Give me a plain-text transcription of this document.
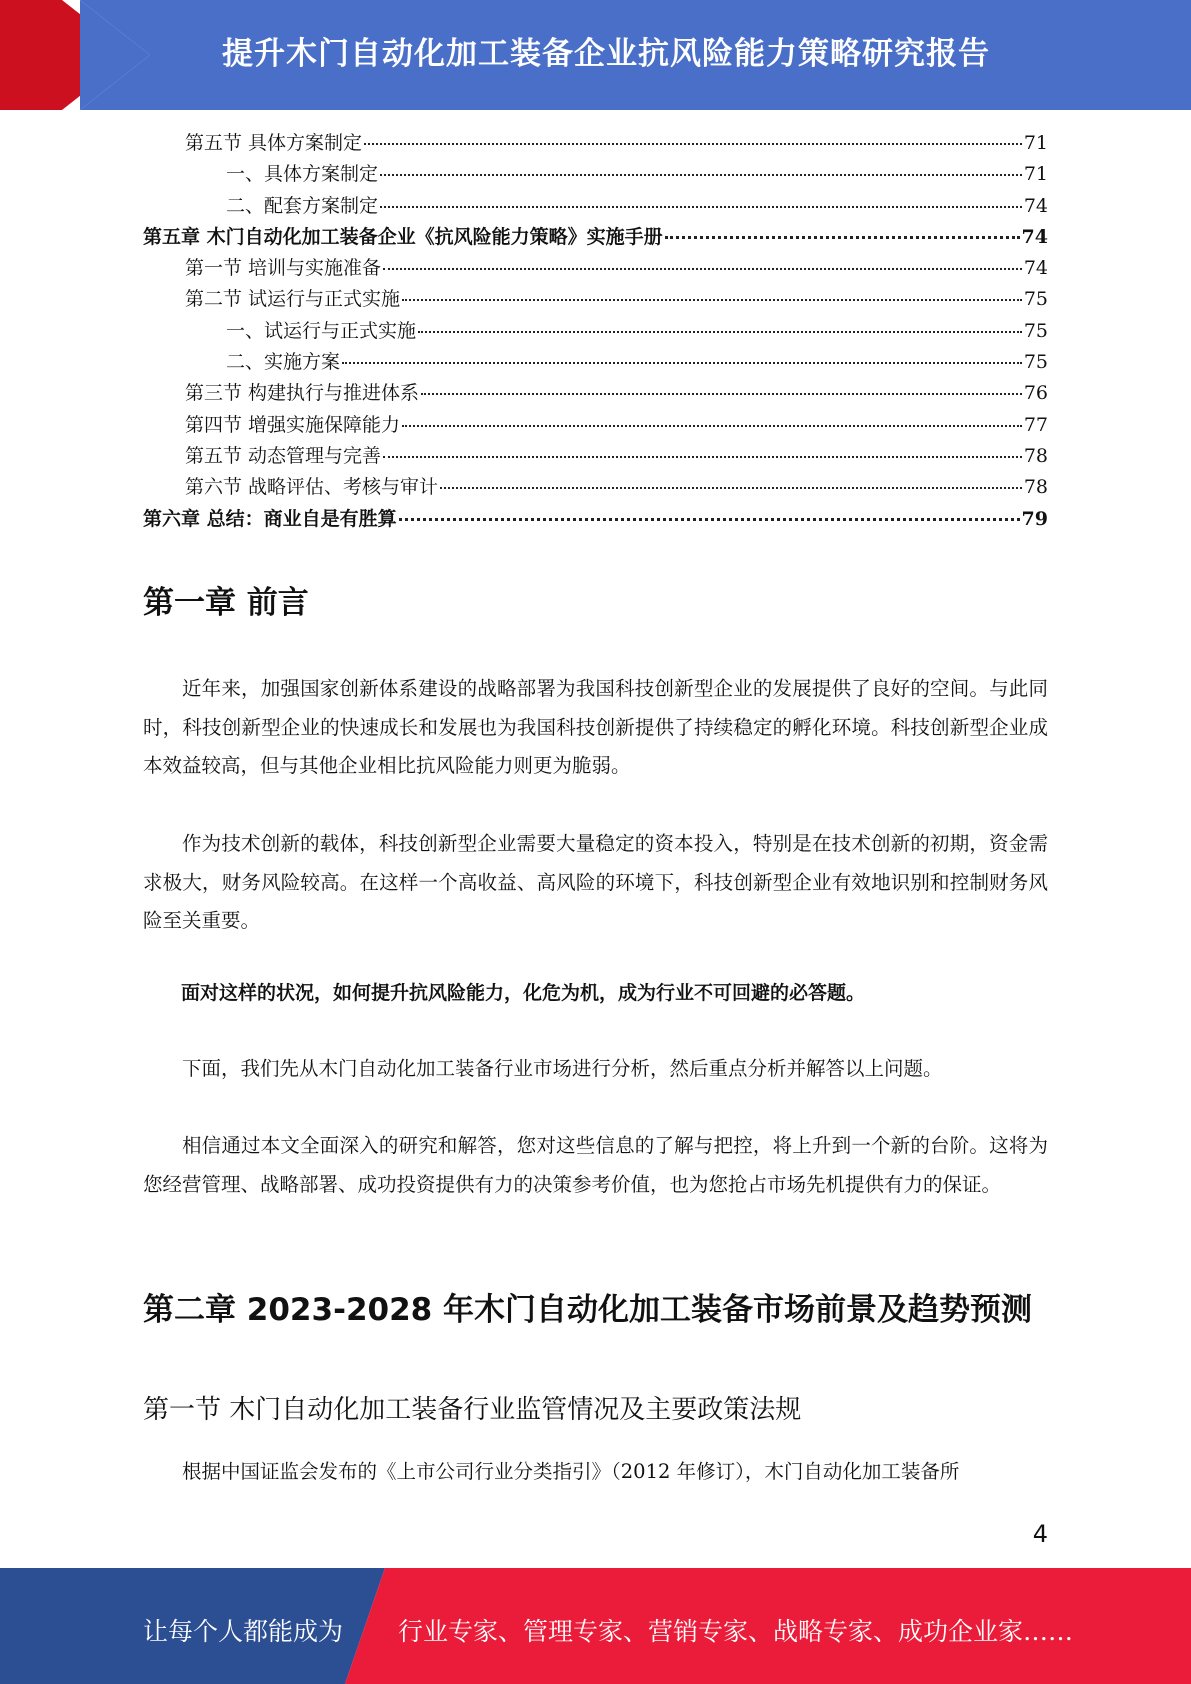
提升木门自动化加工装备企业抗风险能力策略研究报告
第五节 具体方案制定	71
一、具体方案制定	71
二、配套方案制定	74
第五章 木门自动化加工装备企业《抗风险能力策略》实施手册	74
第一节 培训与实施准备	74
第二节 试运行与正式实施	75
一、试运行与正式实施	75
二、实施方案	75
第三节 构建执行与推进体系	76
第四节 增强实施保障能力	77
第五节 动态管理与完善	78
第六节 战略评估、考核与审计	78
第六章 总结：商业自是有胜算	79
第一章 前言
近年来，加强国家创新体系建设的战略部署为我国科技创新型企业的发展提供了良好的空间。与此同时，科技创新型企业的快速成长和发展也为我国科技创新提供了持续稳定的孵化环境。科技创新型企业成本效益较高，但与其他企业相比抗风险能力则更为脆弱。
作为技术创新的载体，科技创新型企业需要大量稳定的资本投入，特别是在技术创新的初期，资金需求极大，财务风险较高。在这样一个高收益、高风险的环境下，科技创新型企业有效地识别和控制财务风险至关重要。
面对这样的状况，如何提升抗风险能力，化危为机，成为行业不可回避的必答题。
下面，我们先从木门自动化加工装备行业市场进行分析，然后重点分析并解答以上问题。
相信通过本文全面深入的研究和解答，您对这些信息的了解与把控，将上升到一个新的台阶。这将为您经营管理、战略部署、成功投资提供有力的决策参考价值，也为您抢占市场先机提供有力的保证。
第二章 2023-2028 年木门自动化加工装备市场前景及趋势预测
第一节 木门自动化加工装备行业监管情况及主要政策法规
根据中国证监会发布的《上市公司行业分类指引》（2012 年修订），木门自动化加工装备所
4
让每个人都能成为 行业专家、管理专家、营销专家、战略专家、成功企业家……
